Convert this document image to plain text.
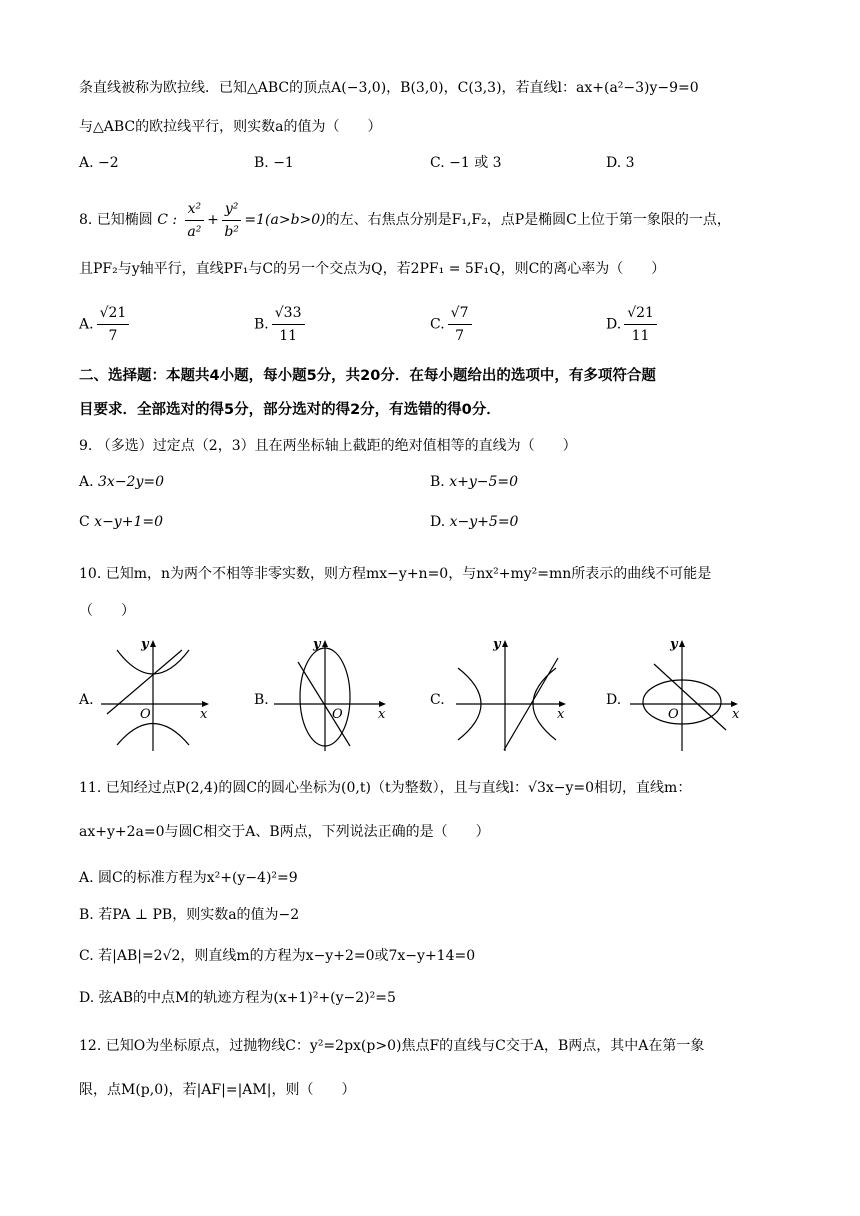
条直线被称为欧拉线．已知△ABC的顶点A(−3,0)，B(3,0)，C(3,3)，若直线l：ax+(a²−3)y−9=0
与△ABC的欧拉线平行，则实数a的值为（　　）
A. −2	B. −1	C. −1 或 3	D. 3
8. 已知椭圆 C : $\frac{\text{x²}}{\text{a²}} + \frac{\text{y²}}{\text{b²}} =1(a>b>0)$的左、右焦点分别是F₁,F₂，点P是椭圆C上位于第一象限的一点，
且PF₂与y轴平行，直线PF₁与C的另一个交点为Q，若2PF₁ = 5F₁Q，则C的离心率为（　　）
A. $\frac{√21}{7}$	B. $\frac{√33}{11}$	C. $\frac{√7}{7}$	D. $\frac{√21}{11}$
二、选择题：本题共4小题，每小题5分，共20分．在每小题给出的选项中，有多项符合题
目要求．全部选对的得5分，部分选对的得2分，有选错的得0分．
9. （多选）过定点（2，3）且在两坐标轴上截距的绝对值相等的直线为（　　）
A. 3x−2y=0	B. x+y−5=0
C x−y+1=0	D. x−y+5=0
10. 已知m，n为两个不相等非零实数，则方程mx−y+n=0，与nx²+my²=mn所表示的曲线不可能是
（　　）
A.
y
x
O
B.
y
x
O
C.
y
x
D.
y
x
O
11. 已知经过点P(2,4)的圆C的圆心坐标为(0,t)（t为整数），且与直线l：√3x−y=0相切，直线m：
ax+y+2a=0与圆C相交于A、B两点，下列说法正确的是（　　）
A. 圆C的标准方程为x²+(y−4)²=9
B. 若PA ⊥ PB，则实数a的值为−2
C. 若|AB|=2√2，则直线m的方程为x−y+2=0或7x−y+14=0
D. 弦AB的中点M的轨迹方程为(x+1)²+(y−2)²=5
12. 已知O为坐标原点，过抛物线C：y²=2px(p>0)焦点F的直线与C交于A，B两点，其中A在第一象
限，点M(p,0)，若|AF|=|AM|，则（　　）
